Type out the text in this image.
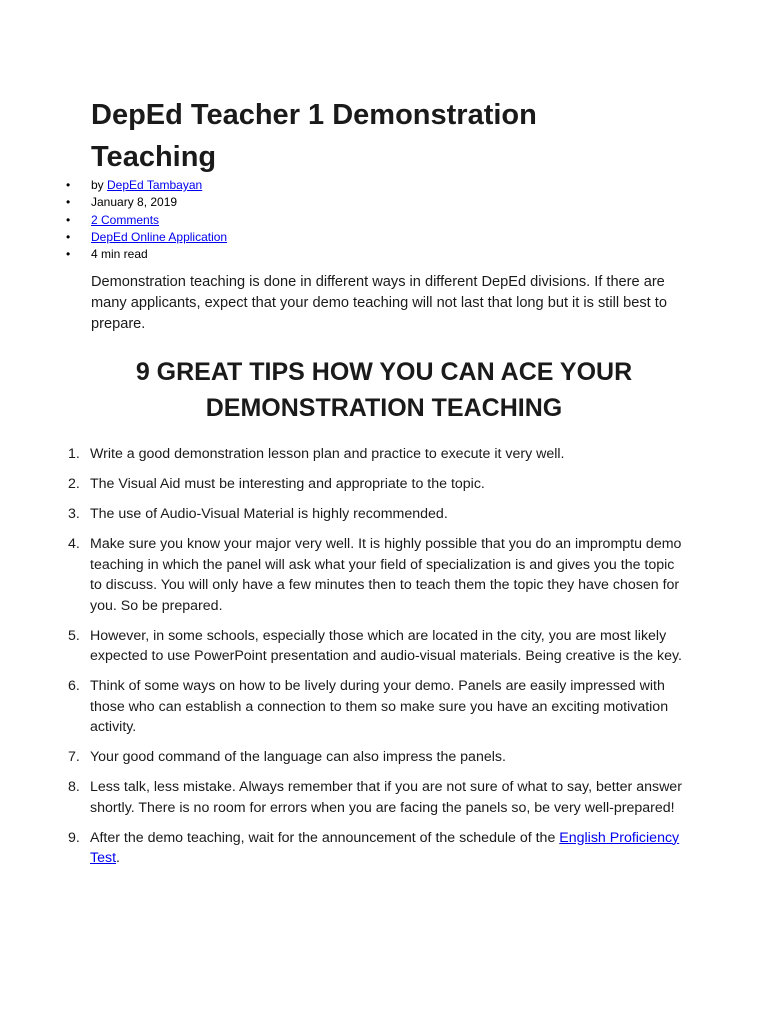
DepEd Teacher 1 Demonstration Teaching
• by DepEd Tambayan
• January 8, 2019
• 2 Comments
• DepEd Online Application
• 4 min read

Demonstration teaching is done in different ways in different DepEd divisions. If there are many applicants, expect that your demo teaching will not last that long but it is still best to prepare.

9 GREAT TIPS HOW YOU CAN ACE YOUR DEMONSTRATION TEACHING
1. Write a good demonstration lesson plan and practice to execute it very well.
2. The Visual Aid must be interesting and appropriate to the topic.
3. The use of Audio-Visual Material is highly recommended.
4. Make sure you know your major very well. It is highly possible that you do an impromptu demo teaching in which the panel will ask what your field of specialization is and gives you the topic to discuss. You will only have a few minutes then to teach them the topic they have chosen for you. So be prepared.
5. However, in some schools, especially those which are located in the city, you are most likely expected to use PowerPoint presentation and audio-visual materials. Being creative is the key.
6. Think of some ways on how to be lively during your demo. Panels are easily impressed with those who can establish a connection to them so make sure you have an exciting motivation activity.
7. Your good command of the language can also impress the panels.
8. Less talk, less mistake. Always remember that if you are not sure of what to say, better answer shortly. There is no room for errors when you are facing the panels so, be very well-prepared!
9. After the demo teaching, wait for the announcement of the schedule of the English Proficiency Test.
